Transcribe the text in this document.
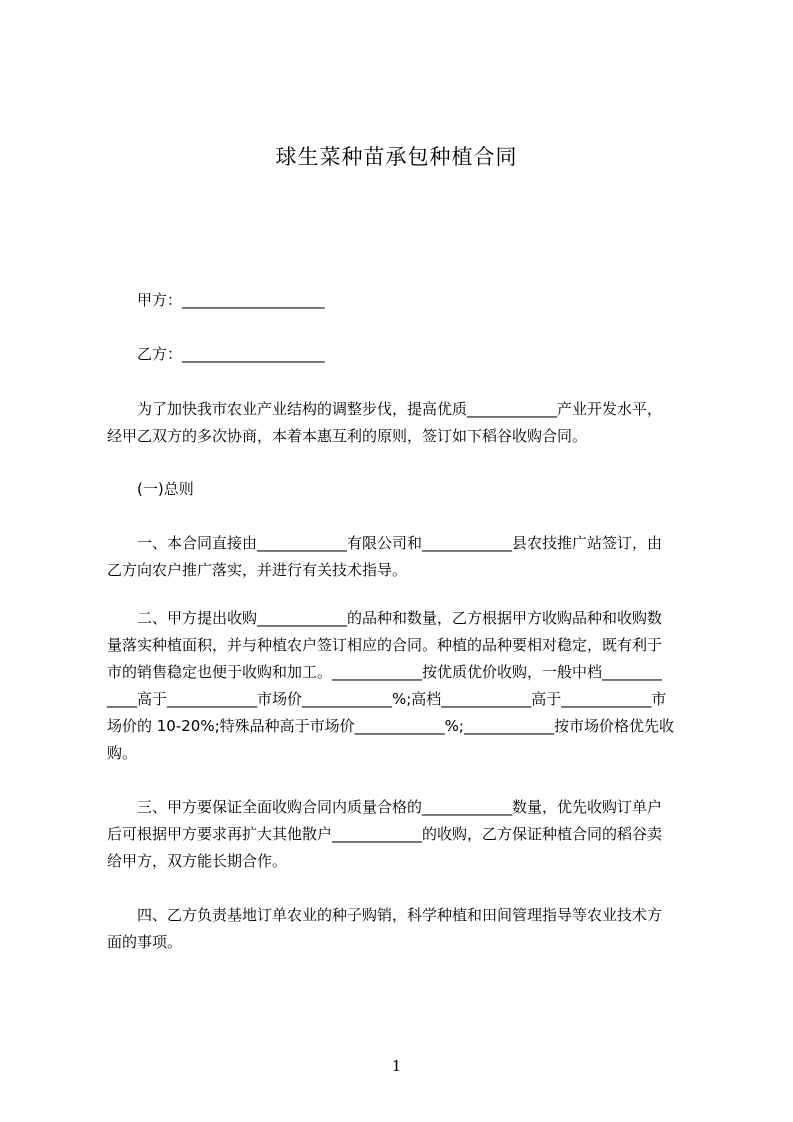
球生菜种苗承包种植合同
甲方：___________________
乙方：___________________
为了加快我市农业产业结构的调整步伐，提高优质____________产业开发水平，
经甲乙双方的多次协商，本着本惠互利的原则，签订如下稻谷收购合同。
(一)总则
一、本合同直接由____________有限公司和____________县农技推广站签订，由
乙方向农户推广落实，并进行有关技术指导。
二、甲方提出收购____________的品种和数量，乙方根据甲方收购品种和收购数
量落实种植面积，并与种植农户签订相应的合同。种植的品种要相对稳定，既有利于
市的销售稳定也便于收购和加工。____________按优质优价收购，一般中档________
____高于____________市场价____________%;高档____________高于____________市
场价的 10-20%;特殊品种高于市场价____________%;____________按市场价格优先收
购。
三、甲方要保证全面收购合同内质量合格的____________数量，优先收购订单户
后可根据甲方要求再扩大其他散户____________的收购，乙方保证种植合同的稻谷卖
给甲方，双方能长期合作。
四、乙方负责基地订单农业的种子购销，科学种植和田间管理指导等农业技术方
面的事项。
1
